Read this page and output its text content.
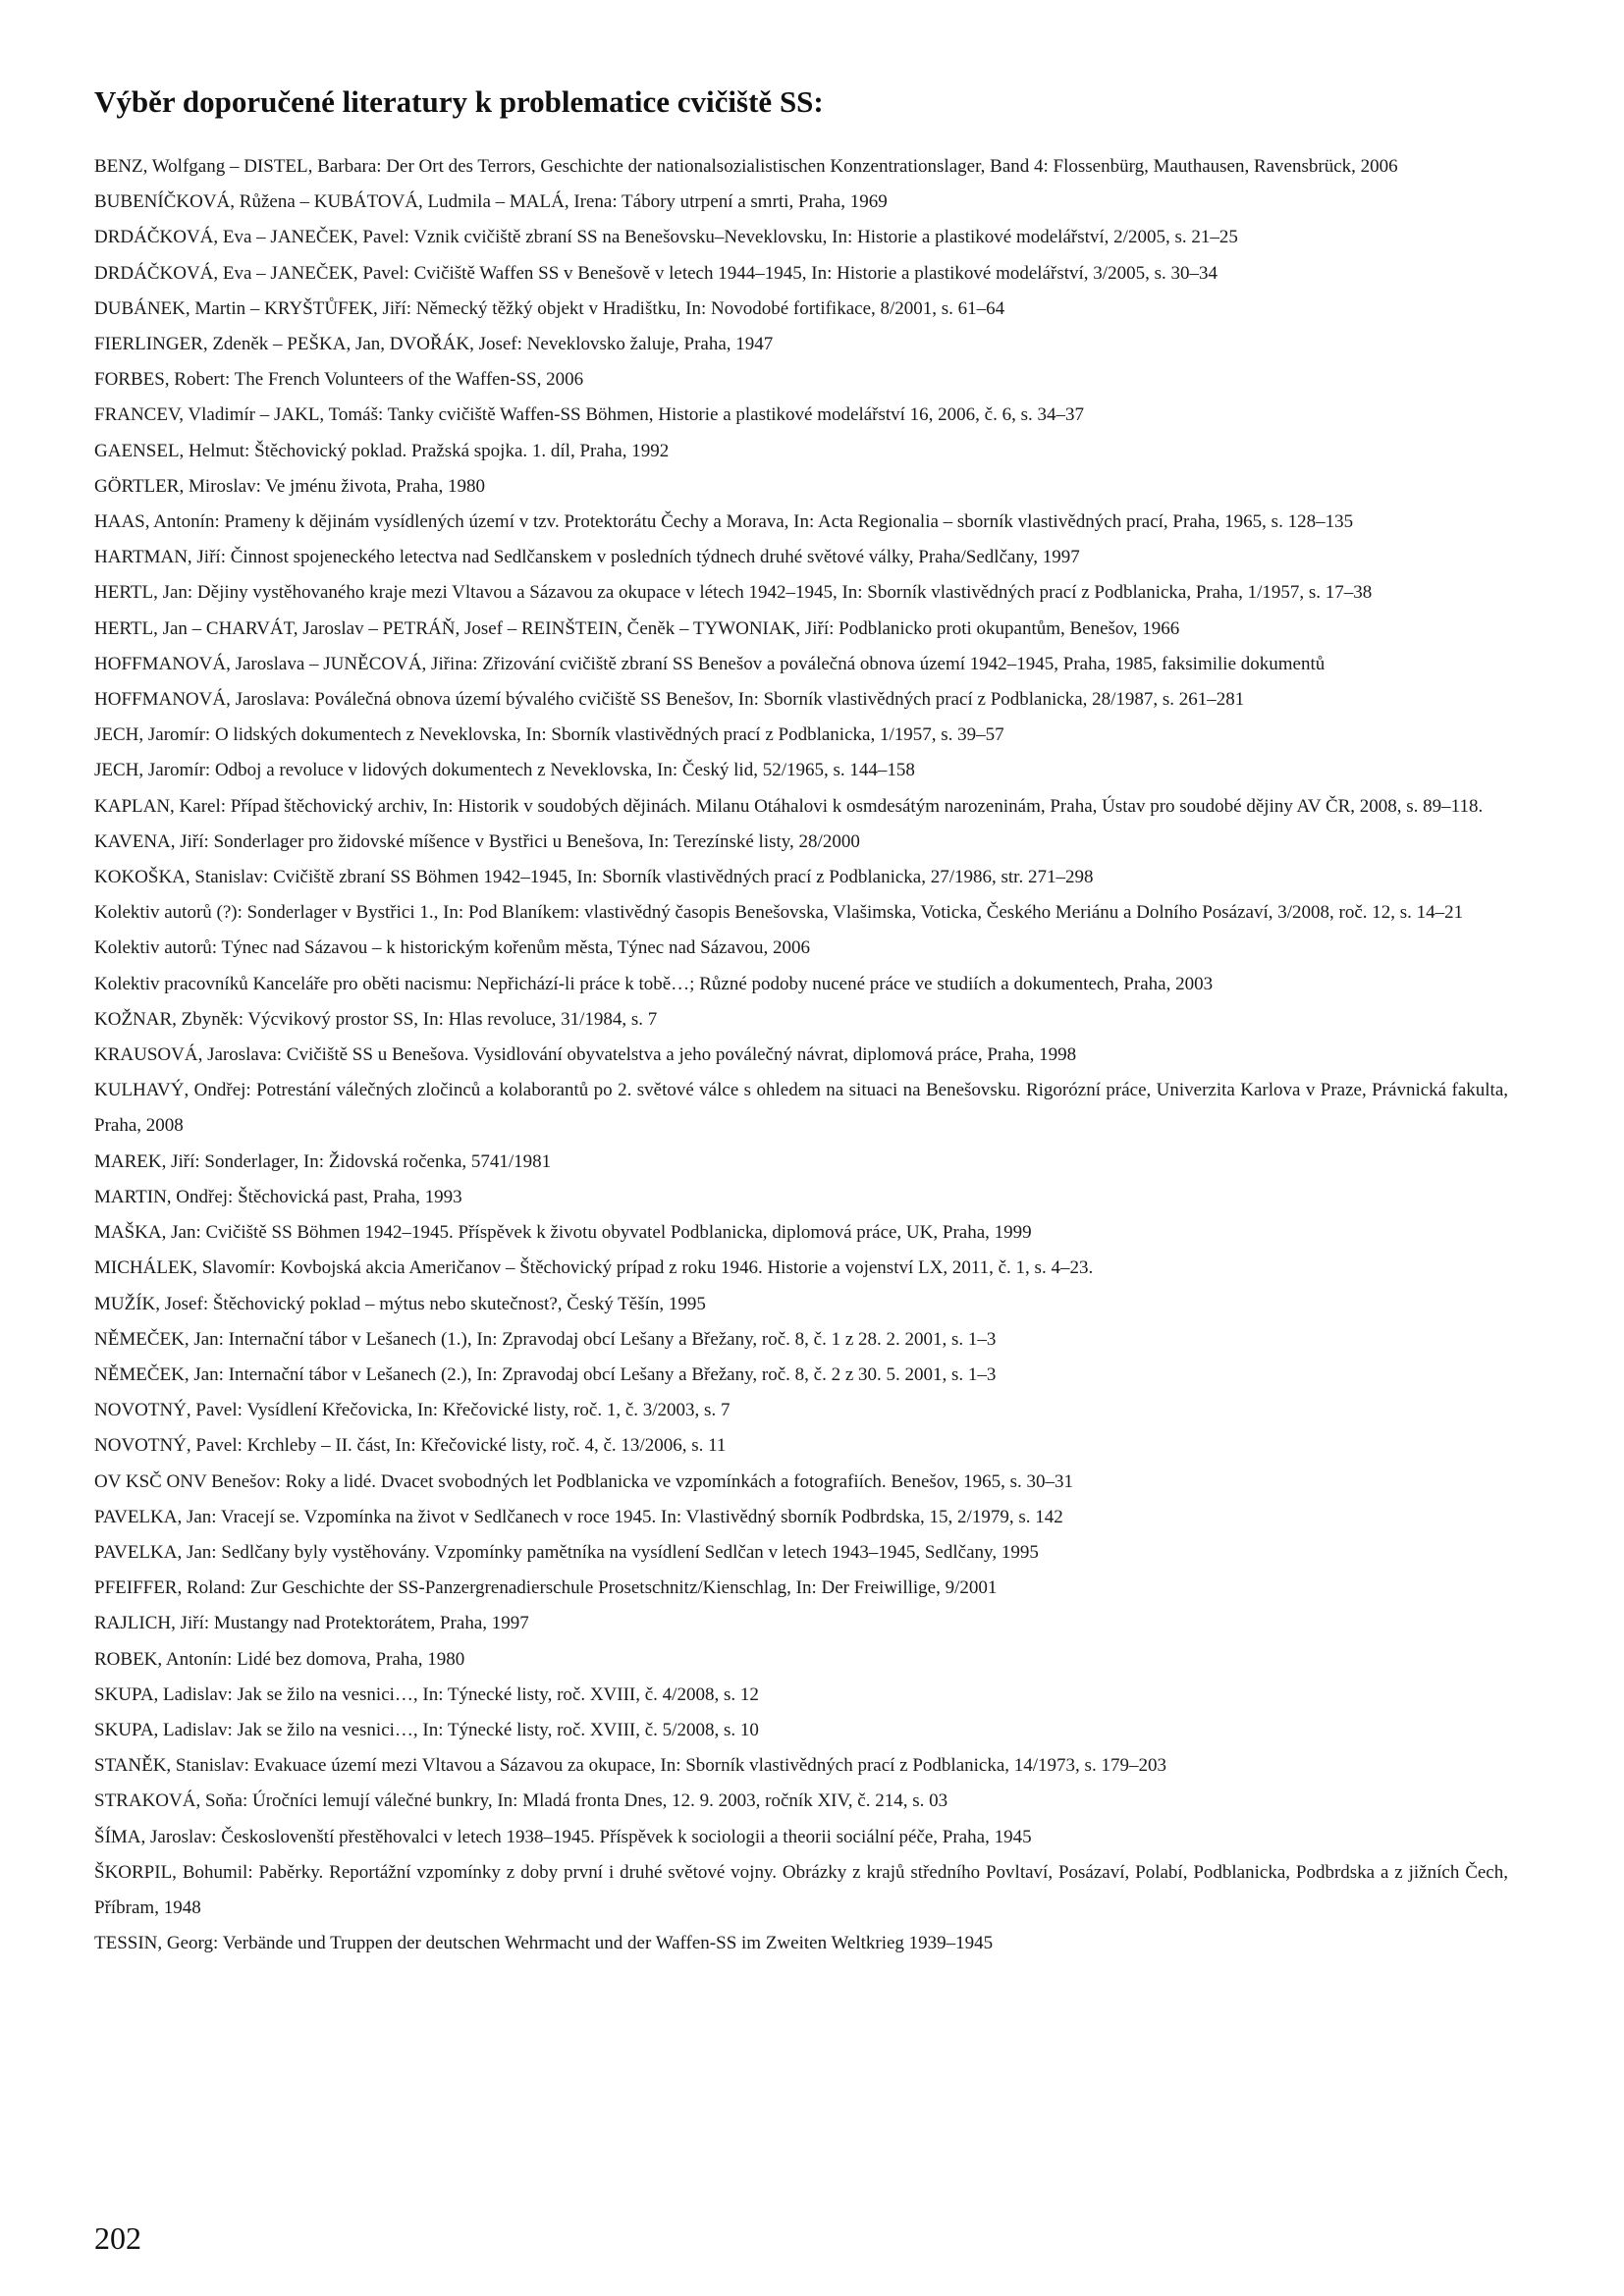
Výběr doporučené literatury k problematice cvičiště SS:
BENZ, Wolfgang – DISTEL, Barbara: Der Ort des Terrors, Geschichte der nationalsozialistischen Konzentrationslager, Band 4: Flossenbürg, Mauthausen, Ravensbrück, 2006
BUBENÍČKOVÁ, Růžena – KUBÁTOVÁ, Ludmila – MALÁ, Irena: Tábory utrpení a smrti, Praha, 1969
DRDÁČKOVÁ, Eva – JANEČEK, Pavel: Vznik cvičiště zbraní SS na Benešovsku–Neveklovsku, In: Historie a plastikové modelářství, 2/2005, s. 21–25
DRDÁČKOVÁ, Eva – JANEČEK, Pavel: Cvičiště Waffen SS v Benešově v letech 1944–1945, In: Historie a plastikové modelářství, 3/2005, s. 30–34
DUBÁNEK, Martin – KRYŠTŮFEK, Jiří: Německý těžký objekt v Hradištku, In: Novodobé fortifikace, 8/2001, s. 61–64
FIERLINGER, Zdeněk – PEŠKA, Jan, DVOŘÁK, Josef: Neveklovsko žaluje, Praha, 1947
FORBES, Robert: The French Volunteers of the Waffen-SS, 2006
FRANCEV, Vladimír – JAKL, Tomáš: Tanky cvičiště Waffen-SS Böhmen, Historie a plastikové modelářství 16, 2006, č. 6, s. 34–37
GAENSEL, Helmut: Štěchovický poklad. Pražská spojka. 1. díl, Praha, 1992
GÖRTLER, Miroslav: Ve jménu života, Praha, 1980
HAAS, Antonín: Prameny k dějinám vysídlených území v tzv. Protektorátu Čechy a Morava, In: Acta Regionalia – sborník vlastivědných prací, Praha, 1965, s. 128–135
HARTMAN, Jiří: Činnost spojeneckého letectva nad Sedlčanskem v posledních týdnech druhé světové války, Praha/Sedlčany, 1997
HERTL, Jan: Dějiny vystěhovaného kraje mezi Vltavou a Sázavou za okupace v létech 1942–1945, In: Sborník vlastivědných prací z Podblanicka, Praha, 1/1957, s. 17–38
HERTL, Jan – CHARVÁT, Jaroslav – PETRÁŇ, Josef – REINŠTEIN, Čeněk – TYWONIAK, Jiří: Podblanicko proti okupantům, Benešov, 1966
HOFFMANOVÁ, Jaroslava – JUNĚCOVÁ, Jiřina: Zřizování cvičiště zbraní SS Benešov a poválečná obnova území 1942–1945, Praha, 1985, faksimilie dokumentů
HOFFMANOVÁ, Jaroslava: Poválečná obnova území bývalého cvičiště SS Benešov, In: Sborník vlastivědných prací z Podblanicka, 28/1987, s. 261–281
JECH, Jaromír: O lidských dokumentech z Neveklovska, In: Sborník vlastivědných prací z Podblanicka, 1/1957, s. 39–57
JECH, Jaromír: Odboj a revoluce v lidových dokumentech z Neveklovska, In: Český lid, 52/1965, s. 144–158
KAPLAN, Karel: Případ štěchovický archiv, In: Historik v soudobých dějinách. Milanu Otáhalovi k osmdesátým narozeninám, Praha, Ústav pro soudobé dějiny AV ČR, 2008, s. 89–118.
KAVENA, Jiří: Sonderlager pro židovské míšence v Bystřici u Benešova, In: Terezínské listy, 28/2000
KOKOŠKA, Stanislav: Cvičiště zbraní SS Böhmen 1942–1945, In: Sborník vlastivědných prací z Podblanicka, 27/1986, str. 271–298
Kolektiv autorů (?): Sonderlager v Bystřici 1., In: Pod Blaníkem: vlastivědný časopis Benešovska, Vlašimska, Voticka, Českého Meriánu a Dolního Posázaví, 3/2008, roč. 12, s. 14–21
Kolektiv autorů: Týnec nad Sázavou – k historickým kořenům města, Týnec nad Sázavou, 2006
Kolektiv pracovníků Kanceláře pro oběti nacismu: Nepřichází-li práce k tobě…; Různé podoby nucené práce ve studiích a dokumentech, Praha, 2003
KOŽNAR, Zbyněk: Výcvikový prostor SS, In: Hlas revoluce, 31/1984, s. 7
KRAUSOVÁ, Jaroslava: Cvičiště SS u Benešova. Vysidlování obyvatelstva a jeho poválečný návrat, diplomová práce, Praha, 1998
KULHAVÝ, Ondřej: Potrestání válečných zločinců a kolaborantů po 2. světové válce s ohledem na situaci na Benešovsku. Rigorózní práce, Univerzita Karlova v Praze, Právnická fakulta, Praha, 2008
MAREK, Jiří: Sonderlager, In: Židovská ročenka, 5741/1981
MARTIN, Ondřej: Štěchovická past, Praha, 1993
MAŠKA, Jan: Cvičiště SS Böhmen 1942–1945. Příspěvek k životu obyvatel Podblanicka, diplomová práce, UK, Praha, 1999
MICHÁLEK, Slavomír: Kovbojská akcia Američanov – Štěchovický prípad z roku 1946. Historie a vojenství LX, 2011, č. 1, s. 4–23.
MUŽÍK, Josef: Štěchovický poklad – mýtus nebo skutečnost?, Český Těšín, 1995
NĚMEČEK, Jan: Internační tábor v Lešanech (1.), In: Zpravodaj obcí Lešany a Břežany, roč. 8, č. 1 z 28. 2. 2001, s. 1–3
NĚMEČEK, Jan: Internační tábor v Lešanech (2.), In: Zpravodaj obcí Lešany a Břežany, roč. 8, č. 2 z 30. 5. 2001, s. 1–3
NOVOTNÝ, Pavel: Vysídlení Křečovicka, In: Křečovické listy, roč. 1, č. 3/2003, s. 7
NOVOTNÝ, Pavel: Krchleby – II. část, In: Křečovické listy, roč. 4, č. 13/2006, s. 11
OV KSČ ONV Benešov: Roky a lidé. Dvacet svobodných let Podblanicka ve vzpomínkách a fotografiích. Benešov, 1965, s. 30–31
PAVELKA, Jan: Vracejí se. Vzpomínka na život v Sedlčanech v roce 1945. In: Vlastivědný sborník Podbrdska, 15, 2/1979, s. 142
PAVELKA, Jan: Sedlčany byly vystěhovány. Vzpomínky pamětníka na vysídlení Sedlčan v letech 1943–1945, Sedlčany, 1995
PFEIFFER, Roland: Zur Geschichte der SS-Panzergrenadierschule Prosetschnitz/Kienschlag, In: Der Freiwillige, 9/2001
RAJLICH, Jiří: Mustangy nad Protektorátem, Praha, 1997
ROBEK, Antonín: Lidé bez domova, Praha, 1980
SKUPA, Ladislav: Jak se žilo na vesnici…, In: Týnecké listy, roč. XVIII, č. 4/2008, s. 12
SKUPA, Ladislav: Jak se žilo na vesnici…, In: Týnecké listy, roč. XVIII, č. 5/2008, s. 10
STANĚK, Stanislav: Evakuace území mezi Vltavou a Sázavou za okupace, In: Sborník vlastivědných prací z Podblanicka, 14/1973, s. 179–203
STRAKOVÁ, Soňa: Úročníci lemují válečné bunkry, In: Mladá fronta Dnes, 12. 9. 2003, ročník XIV, č. 214, s. 03
ŠÍMA, Jaroslav: Českoslovenští přestěhovalci v letech 1938–1945. Příspěvek k sociologii a theorii sociální péče, Praha, 1945
ŠKORPIL, Bohumil: Paběrky. Reportážní vzpomínky z doby první i druhé světové vojny. Obrázky z krajů středního Povltaví, Posázaví, Polabí, Podblanicka, Podbrdska a z jižních Čech, Příbram, 1948
TESSIN, Georg: Verbände und Truppen der deutschen Wehrmacht und der Waffen-SS im Zweiten Weltkrieg 1939–1945
202
